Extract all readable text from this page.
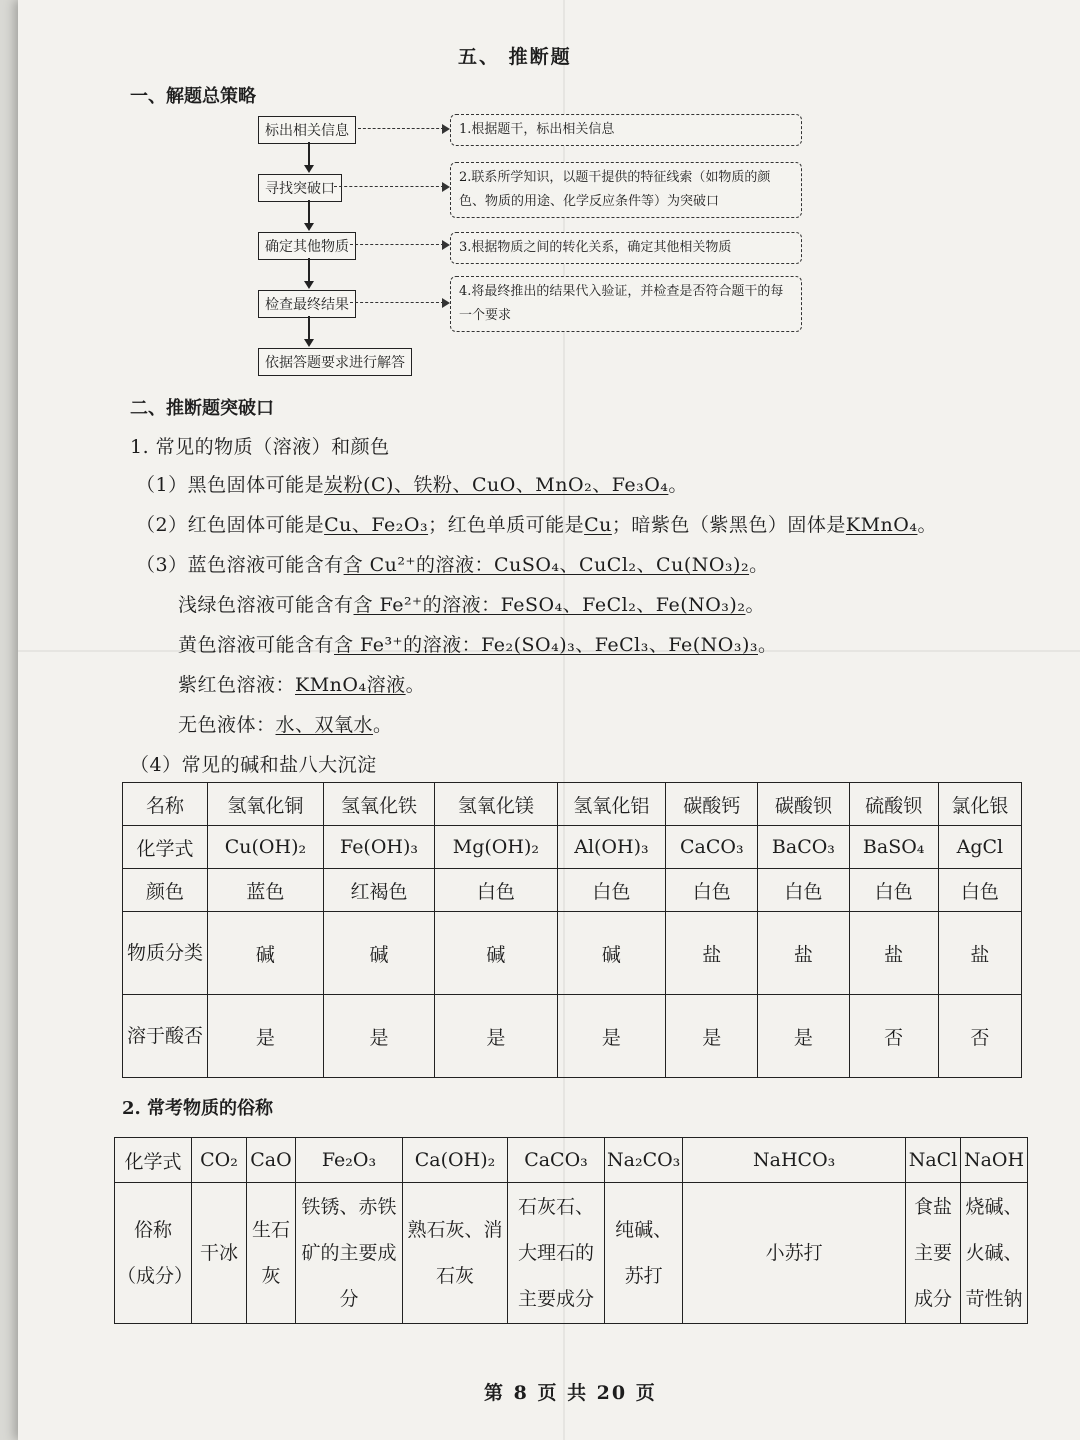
五、 推断题
一、解题总策略
标出相关信息
寻找突破口
确定其他物质
检查最终结果
依据答题要求进行解答
1.根据题干，标出相关信息
2.联系所学知识，以题干提供的特征线索（如物质的颜色、物质的用途、化学反应条件等）为突破口
3.根据物质之间的转化关系，确定其他相关物质
4.将最终推出的结果代入验证，并检查是否符合题干的每一个要求
二、推断题突破口
1. 常见的物质（溶液）和颜色
（1）黑色固体可能是炭粉(C)、铁粉、CuO、MnO₂、Fe₃O₄。
（2）红色固体可能是Cu、Fe₂O₃；红色单质可能是Cu；暗紫色（紫黑色）固体是KMnO₄。
（3）蓝色溶液可能含有含 Cu²⁺的溶液：CuSO₄、CuCl₂、Cu(NO₃)₂。
浅绿色溶液可能含有含 Fe²⁺的溶液：FeSO₄、FeCl₂、Fe(NO₃)₂。
黄色溶液可能含有含 Fe³⁺的溶液：Fe₂(SO₄)₃、FeCl₃、Fe(NO₃)₃。
紫红色溶液：KMnO₄溶液。
无色液体：水、双氧水。
（4）常见的碱和盐八大沉淀
名称	氢氧化铜	氢氧化铁	氢氧化镁	氢氧化铝	碳酸钙	碳酸钡	硫酸钡	氯化银
化学式	Cu(OH)₂	Fe(OH)₃	Mg(OH)₂	Al(OH)₃	CaCO₃	BaCO₃	BaSO₄	AgCl
颜色	蓝色	红褐色	白色	白色	白色	白色	白色	白色
物质分类	碱	碱	碱	碱	盐	盐	盐	盐
溶于酸否	是	是	是	是	是	是	否	否
2. 常考物质的俗称
化学式	CO₂	CaO	Fe₂O₃	Ca(OH)₂	CaCO₃	Na₂CO₃	NaHCO₃	NaCl	NaOH
俗称（成分）	干冰	生石灰	铁锈、赤铁矿的主要成分	熟石灰、消石灰	石灰石、大理石的主要成分	纯碱、苏打	小苏打	食盐主要成分	烧碱、火碱、苛性钠
第 8 页 共 20 页
